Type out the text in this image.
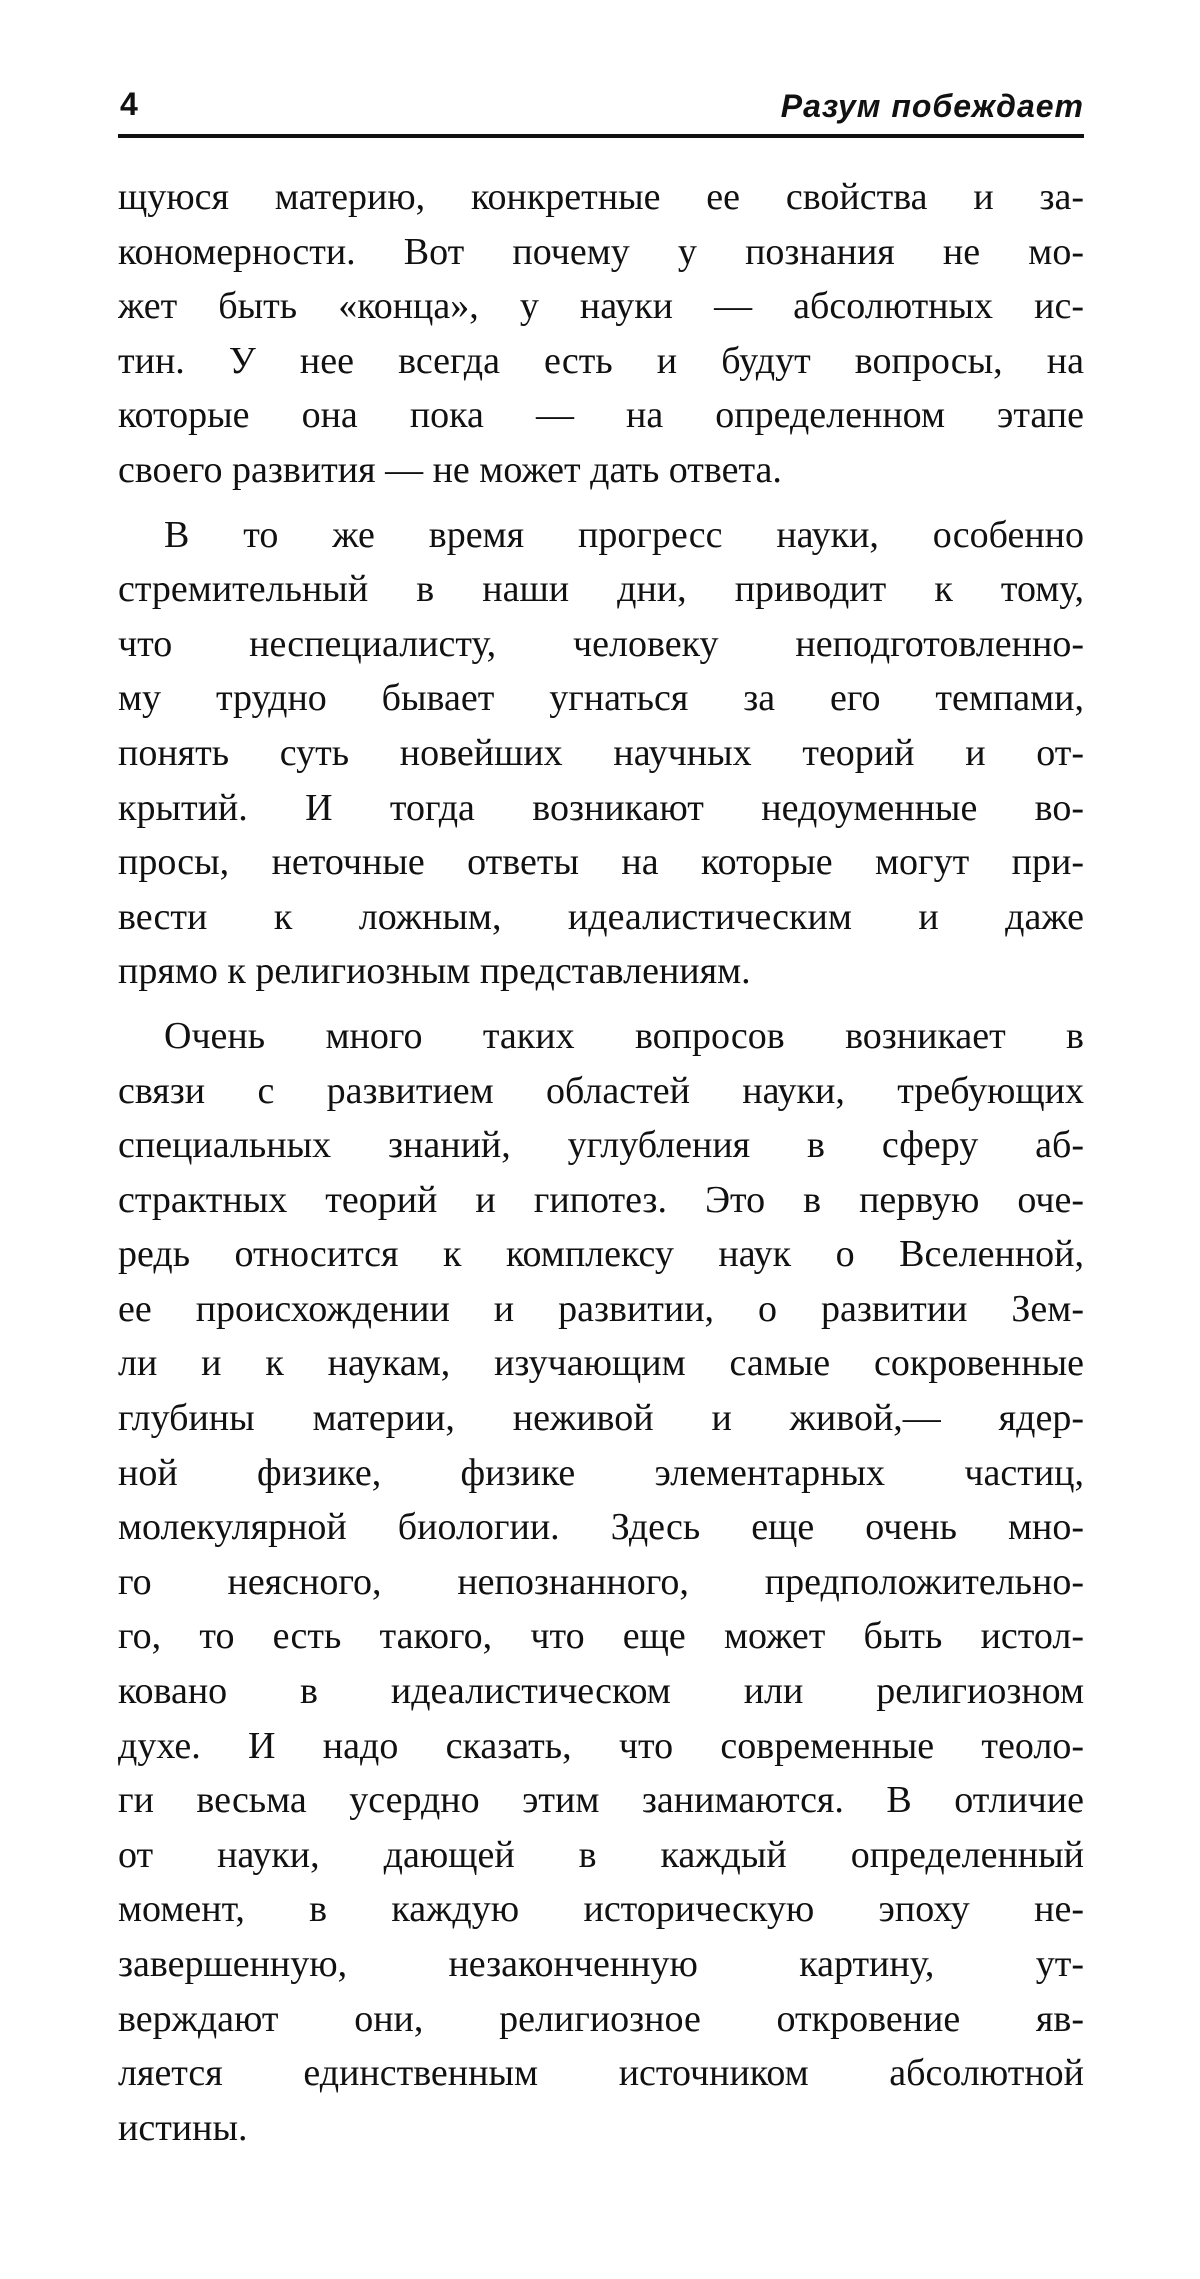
4	Разум побеждает
щуюся материю, конкретные ее свойства и за-
кономерности. Вот почему у познания не мо-
жет быть «конца», у науки — абсолютных ис-
тин. У нее всегда есть и будут вопросы, на
которые она пока — на определенном этапе
своего развития — не может дать ответа.
В то же время прогресс науки, особенно
стремительный в наши дни, приводит к тому,
что неспециалисту, человеку неподготовленно-
му трудно бывает угнаться за его темпами,
понять суть новейших научных теорий и от-
крытий. И тогда возникают недоуменные во-
просы, неточные ответы на которые могут при-
вести к ложным, идеалистическим и даже
прямо к религиозным представлениям.
Очень много таких вопросов возникает в
связи с развитием областей науки, требующих
специальных знаний, углубления в сферу аб-
страктных теорий и гипотез. Это в первую оче-
редь относится к комплексу наук о Вселенной,
ее происхождении и развитии, о развитии Зем-
ли и к наукам, изучающим самые сокровенные
глубины материи, неживой и живой,— ядер-
ной физике, физике элементарных частиц,
молекулярной биологии. Здесь еще очень мно-
го неясного, непознанного, предположительно-
го, то есть такого, что еще может быть истол-
ковано в идеалистическом или религиозном
духе. И надо сказать, что современные теоло-
ги весьма усердно этим занимаются. В отличие
от науки, дающей в каждый определенный
момент, в каждую историческую эпоху не-
завершенную, незаконченную картину, ут-
верждают они, религиозное откровение яв-
ляется единственным источником абсолютной
истины.
